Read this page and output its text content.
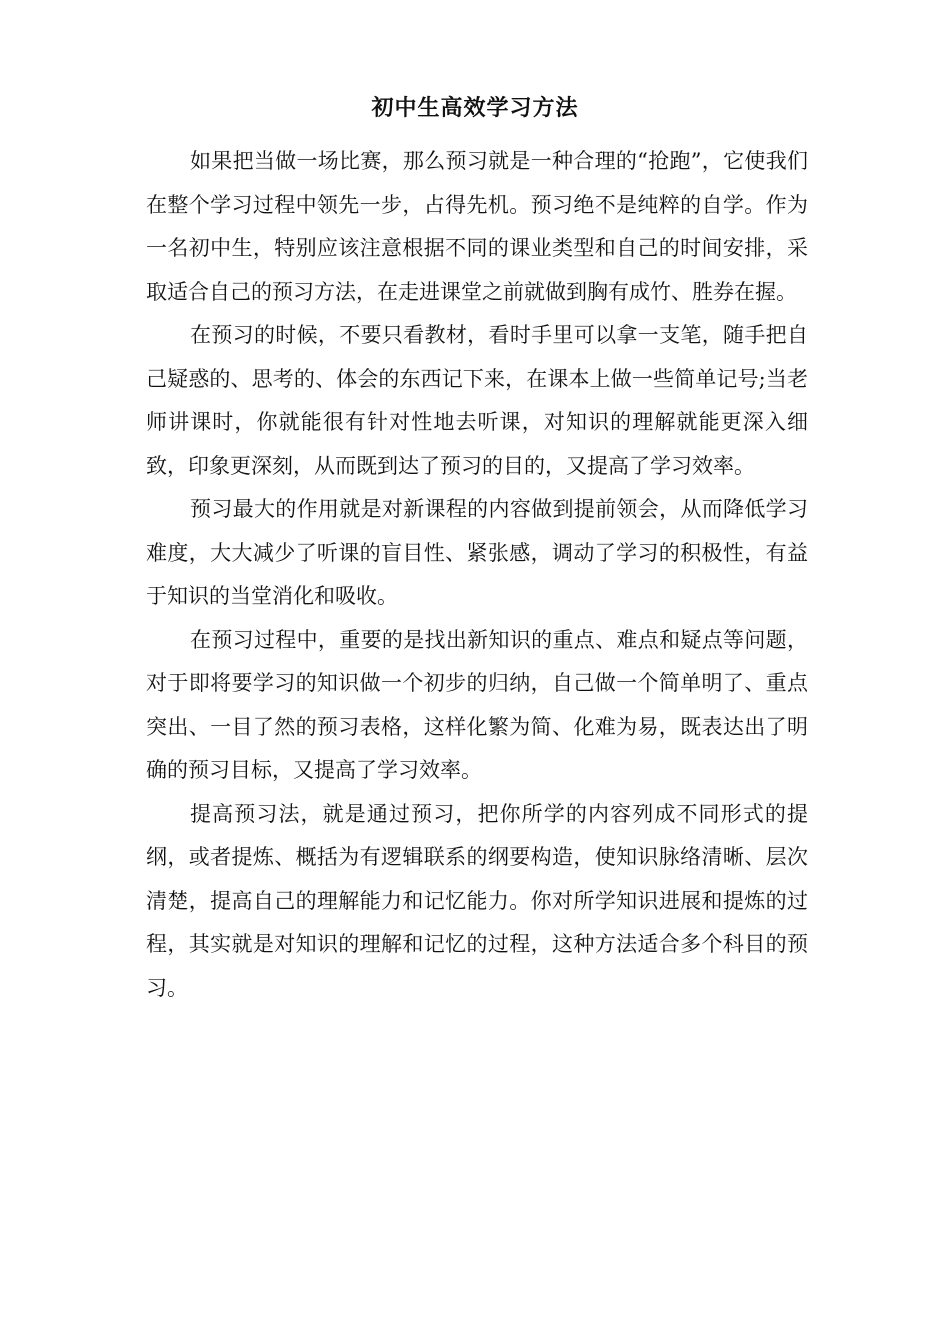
初中生高效学习方法

如果把当做一场比赛，那么预习就是一种合理的“抢跑”，它使我们在整个学习过程中领先一步，占得先机。预习绝不是纯粹的自学。作为一名初中生，特别应该注意根据不同的课业类型和自己的时间安排，采取适合自己的预习方法，在走进课堂之前就做到胸有成竹、胜券在握。

在预习的时候，不要只看教材，看时手里可以拿一支笔，随手把自己疑惑的、思考的、体会的东西记下来，在课本上做一些简单记号;当老师讲课时，你就能很有针对性地去听课，对知识的理解就能更深入细致，印象更深刻，从而既到达了预习的目的，又提高了学习效率。

预习最大的作用就是对新课程的内容做到提前领会，从而降低学习难度，大大减少了听课的盲目性、紧张感，调动了学习的积极性，有益于知识的当堂消化和吸收。

在预习过程中，重要的是找出新知识的重点、难点和疑点等问题，对于即将要学习的知识做一个初步的归纳，自己做一个简单明了、重点突出、一目了然的预习表格，这样化繁为简、化难为易，既表达出了明确的预习目标，又提高了学习效率。

提高预习法，就是通过预习，把你所学的内容列成不同形式的提纲，或者提炼、概括为有逻辑联系的纲要构造，使知识脉络清晰、层次清楚，提高自己的理解能力和记忆能力。你对所学知识进展和提炼的过程，其实就是对知识的理解和记忆的过程，这种方法适合多个科目的预习。
